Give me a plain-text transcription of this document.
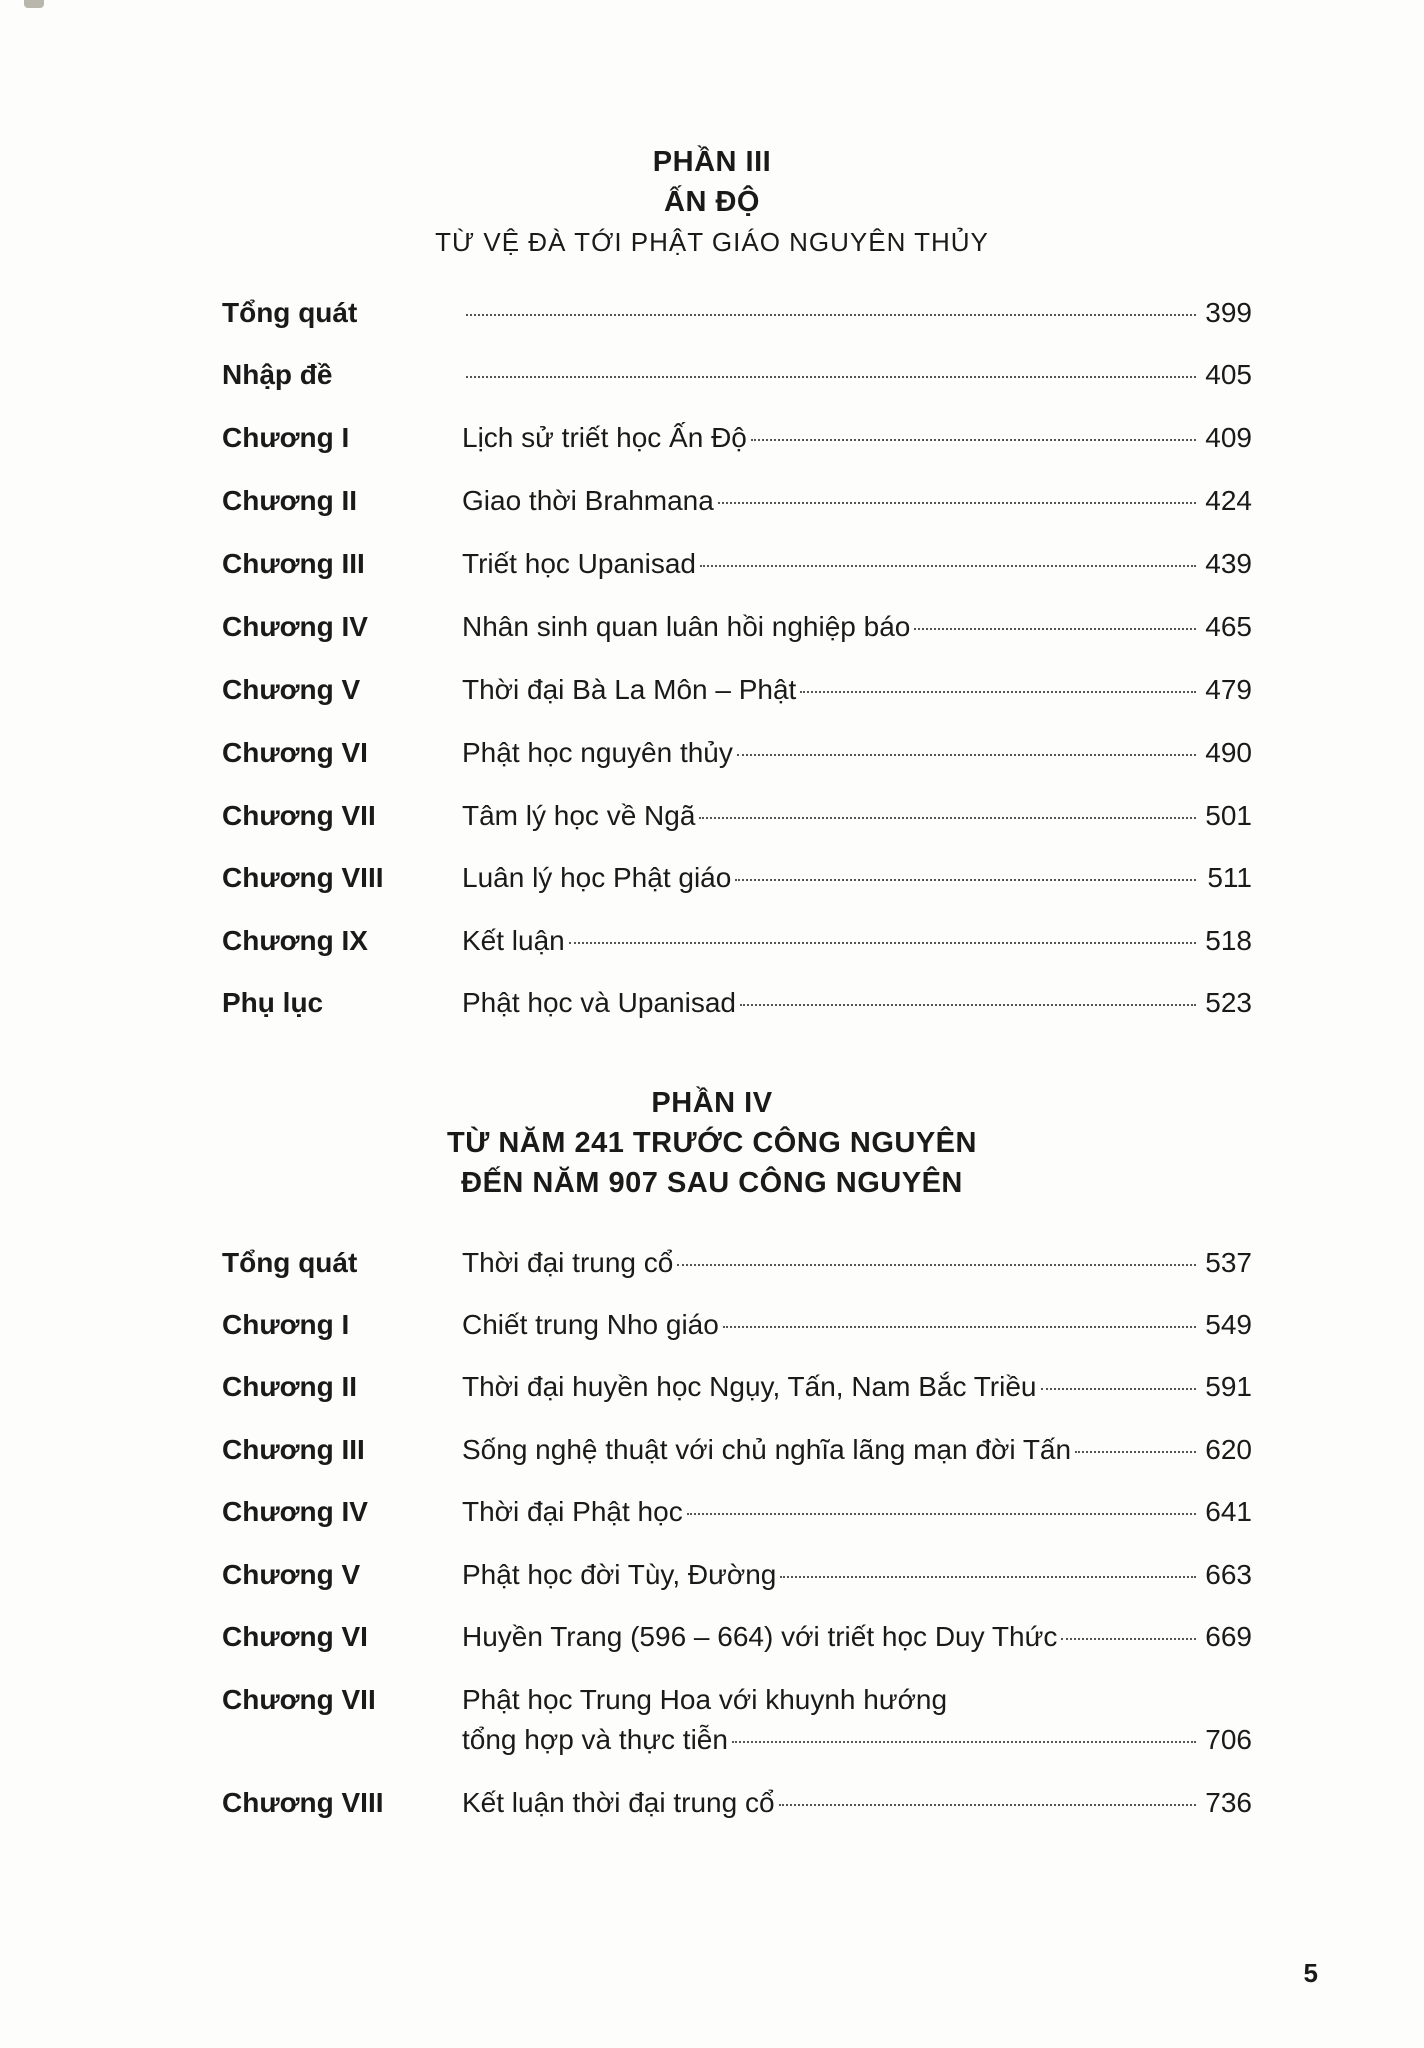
PHẦN III
ẤN ĐỘ
TỪ VỆ ĐÀ TỚI PHẬT GIÁO NGUYÊN THỦY
Tổng quát	399
Nhập đề	405
Chương I	Lịch sử triết học Ấn Độ	409
Chương II	Giao thời Brahmana	424
Chương III	Triết học Upanisad	439
Chương IV	Nhân sinh quan luân hồi nghiệp báo	465
Chương V	Thời đại Bà La Môn – Phật	479
Chương VI	Phật học nguyên thủy	490
Chương VII	Tâm lý học về Ngã	501
Chương VIII	Luân lý học Phật giáo	511
Chương IX	Kết luận	518
Phụ lục	Phật học và Upanisad	523
PHẦN IV
TỪ NĂM 241 TRƯỚC CÔNG NGUYÊN
ĐẾN NĂM 907 SAU CÔNG NGUYÊN
Tổng quát	Thời đại trung cổ	537
Chương I	Chiết trung Nho giáo	549
Chương II	Thời đại huyền học Ngụy, Tấn, Nam Bắc Triều	591
Chương III	Sống nghệ thuật với chủ nghĩa lãng mạn đời Tấn	620
Chương IV	Thời đại Phật học	641
Chương V	Phật học đời Tùy, Đường	663
Chương VI	Huyền Trang (596 – 664) với triết học Duy Thức	669
Chương VII	Phật học Trung Hoa với khuynh hướng
tổng hợp và thực tiễn	706
Chương VIII	Kết luận thời đại trung cổ	736
5
